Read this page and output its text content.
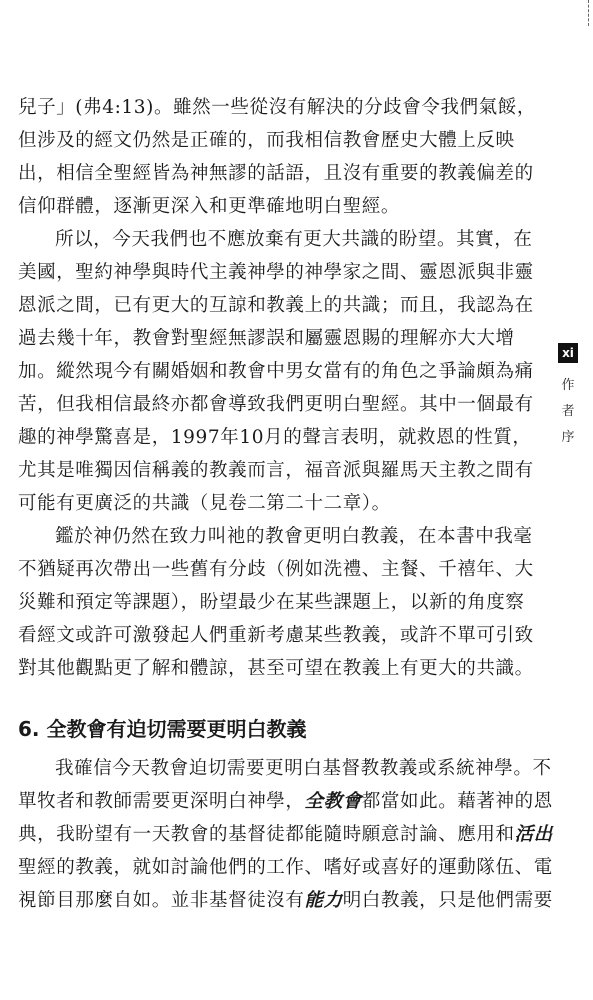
兒子」(弗4:13)。雖然一些從沒有解決的分歧會令我們氣餒，

但涉及的經文仍然是正確的，而我相信教會歷史大體上反映

出，相信全聖經皆為神無謬的話語，且沒有重要的教義偏差的

信仰群體，逐漸更深入和更準確地明白聖經。

所以，今天我們也不應放棄有更大共識的盼望。其實，在

美國，聖約神學與時代主義神學的神學家之間、靈恩派與非靈

恩派之間，已有更大的互諒和教義上的共識；而且，我認為在

過去幾十年，教會對聖經無謬誤和屬靈恩賜的理解亦大大增

加。縱然現今有關婚姻和教會中男女當有的角色之爭論頗為痛

苦，但我相信最終亦都會導致我們更明白聖經。其中一個最有

趣的神學驚喜是，1997年10月的聲言表明，就救恩的性質，

尤其是唯獨因信稱義的教義而言，福音派與羅馬天主教之間有

可能有更廣泛的共識（見卷二第二十二章）。

鑑於神仍然在致力叫祂的教會更明白教義，在本書中我毫

不猶疑再次帶出一些舊有分歧（例如洗禮、主餐、千禧年、大

災難和預定等課題），盼望最少在某些課題上，以新的角度察

看經文或許可激發起人們重新考慮某些教義，或許不單可引致

對其他觀點更了解和體諒，甚至可望在教義上有更大的共識。

6. 全教會有迫切需要更明白教義

我確信今天教會迫切需要更明白基督教教義或系統神學。不

單牧者和教師需要更深明白神學，全教會都當如此。藉著神的恩

典，我盼望有一天教會的基督徒都能隨時願意討論、應用和活出

聖經的教義，就如討論他們的工作、嗜好或喜好的運動隊伍、電

視節目那麼自如。並非基督徒沒有能力明白教義，只是他們需要

xi
作
者
序
